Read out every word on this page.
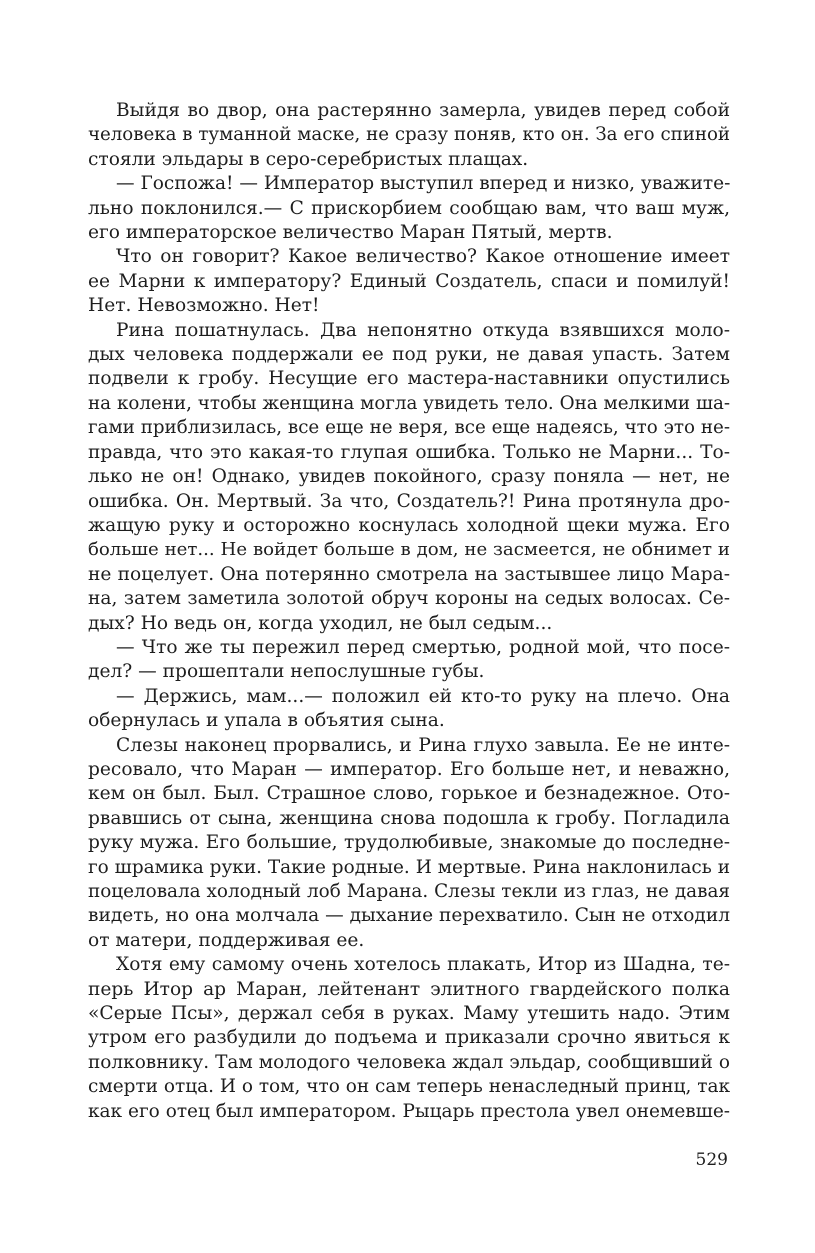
Выйдя во двор, она растерянно замерла, увидев перед собой
человека в туманной маске, не сразу поняв, кто он. За его спиной
стояли эльдары в серо-серебристых плащах.
— Госпожа! — Император выступил вперед и низко, уважите-
льно поклонился.— С прискорбием сообщаю вам, что ваш муж,
его императорское величество Маран Пятый, мертв.
Что он говорит? Какое величество? Какое отношение имеет
ее Марни к императору? Единый Создатель, спаси и помилуй!
Нет. Невозможно. Нет!
Рина пошатнулась. Два непонятно откуда взявшихся моло-
дых человека поддержали ее под руки, не давая упасть. Затем
подвели к гробу. Несущие его мастера-наставники опустились
на колени, чтобы женщина могла увидеть тело. Она мелкими ша-
гами приблизилась, все еще не веря, все еще надеясь, что это не-
правда, что это какая-то глупая ошибка. Только не Марни... То-
лько не он! Однако, увидев покойного, сразу поняла — нет, не
ошибка. Он. Мертвый. За что, Создатель?! Рина протянула дро-
жащую руку и осторожно коснулась холодной щеки мужа. Его
больше нет... Не войдет больше в дом, не засмеется, не обнимет и
не поцелует. Она потерянно смотрела на застывшее лицо Мара-
на, затем заметила золотой обруч короны на седых волосах. Се-
дых? Но ведь он, когда уходил, не был седым...
— Что же ты пережил перед смертью, родной мой, что посе-
дел? — прошептали непослушные губы.
— Держись, мам...— положил ей кто-то руку на плечо. Она
обернулась и упала в объятия сына.
Слезы наконец прорвались, и Рина глухо завыла. Ее не инте-
ресовало, что Маран — император. Его больше нет, и неважно,
кем он был. Был. Страшное слово, горькое и безнадежное. Ото-
рвавшись от сына, женщина снова подошла к гробу. Погладила
руку мужа. Его большие, трудолюбивые, знакомые до последне-
го шрамика руки. Такие родные. И мертвые. Рина наклонилась и
поцеловала холодный лоб Марана. Слезы текли из глаз, не давая
видеть, но она молчала — дыхание перехватило. Сын не отходил
от матери, поддерживая ее.
Хотя ему самому очень хотелось плакать, Итор из Шадна, те-
перь Итор ар Маран, лейтенант элитного гвардейского полка
«Серые Псы», держал себя в руках. Маму утешить надо. Этим
утром его разбудили до подъема и приказали срочно явиться к
полковнику. Там молодого человека ждал эльдар, сообщивший о
смерти отца. И о том, что он сам теперь ненаследный принц, так
как его отец был императором. Рыцарь престола увел онемевше-
529
